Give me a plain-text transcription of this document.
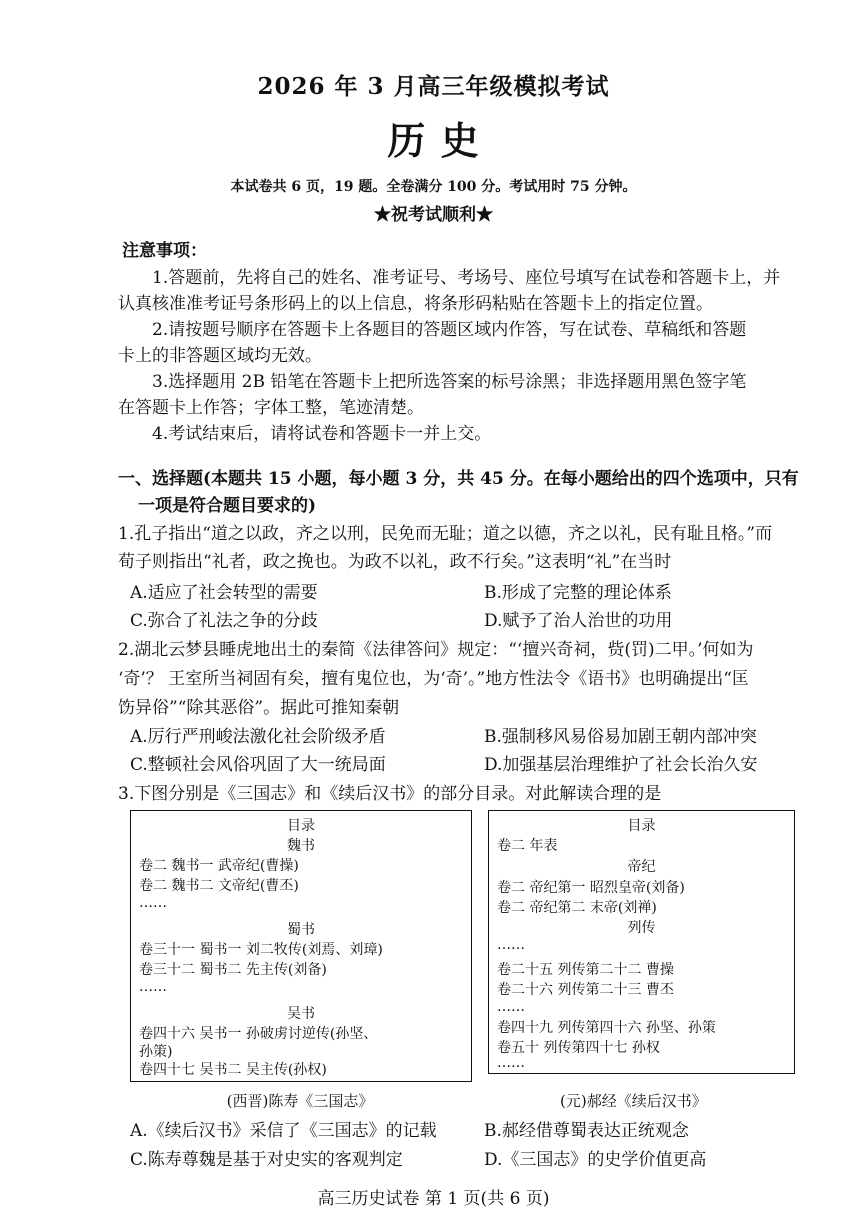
2026 年 3 月高三年级模拟考试
历 史
本试卷共 6 页，19 题。全卷满分 100 分。考试用时 75 分钟。
★祝考试顺利★
注意事项：
1.答题前，先将自己的姓名、准考证号、考场号、座位号填写在试卷和答题卡上，并
认真核准准考证号条形码上的以上信息，将条形码粘贴在答题卡上的指定位置。
2.请按题号顺序在答题卡上各题目的答题区域内作答，写在试卷、草稿纸和答题
卡上的非答题区域均无效。
3.选择题用 2B 铅笔在答题卡上把所选答案的标号涂黑；非选择题用黑色签字笔
在答题卡上作答；字体工整，笔迹清楚。
4.考试结束后，请将试卷和答题卡一并上交。
一、选择题(本题共 15 小题，每小题 3 分，共 45 分。在每小题给出的四个选项中，只有
一项是符合题目要求的)
1.孔子指出“道之以政，齐之以刑，民免而无耻；道之以德，齐之以礼，民有耻且格。”而
荀子则指出“礼者，政之挽也。为政不以礼，政不行矣。”这表明“礼”在当时
A.适应了社会转型的需要	B.形成了完整的理论体系
C.弥合了礼法之争的分歧	D.赋予了治人治世的功用
2.湖北云梦县睡虎地出土的秦简《法律答问》规定：“‘擅兴奇祠，赀(罚)二甲。’何如为
‘奇’？ 王室所当祠固有矣，擅有鬼位也，为‘奇’。”地方性法令《语书》也明确提出“匡
饬异俗”“除其恶俗”。据此可推知秦朝
A.厉行严刑峻法激化社会阶级矛盾	B.强制移风易俗易加剧王朝内部冲突
C.整顿社会风俗巩固了大一统局面	D.加强基层治理维护了社会长治久安
3.下图分别是《三国志》和《续后汉书》的部分目录。对此解读合理的是
目录
魏书
卷二 魏书一 武帝纪(曹操)
卷二 魏书二 文帝纪(曹丕)
……
蜀书
卷三十一 蜀书一 刘二牧传(刘焉、刘璋)
卷三十二 蜀书二 先主传(刘备)
……
吴书
卷四十六 吴书一 孙破虏讨逆传(孙坚、
孙策)
卷四十七 吴书二 吴主传(孙权)
(西晋)陈寿《三国志》
目录
卷二 年表
帝纪
卷二 帝纪第一 昭烈皇帝(刘备)
卷二 帝纪第二 末帝(刘禅)
列传
……
卷二十五 列传第二十二 曹操
卷二十六 列传第二十三 曹丕
……
卷四十九 列传第四十六 孙坚、孙策
卷五十 列传第四十七 孙权
……
(元)郝经《续后汉书》
A.《续后汉书》采信了《三国志》的记载	B.郝经借尊蜀表达正统观念
C.陈寿尊魏是基于对史实的客观判定	D.《三国志》的史学价值更高
高三历史试卷 第 1 页(共 6 页)
